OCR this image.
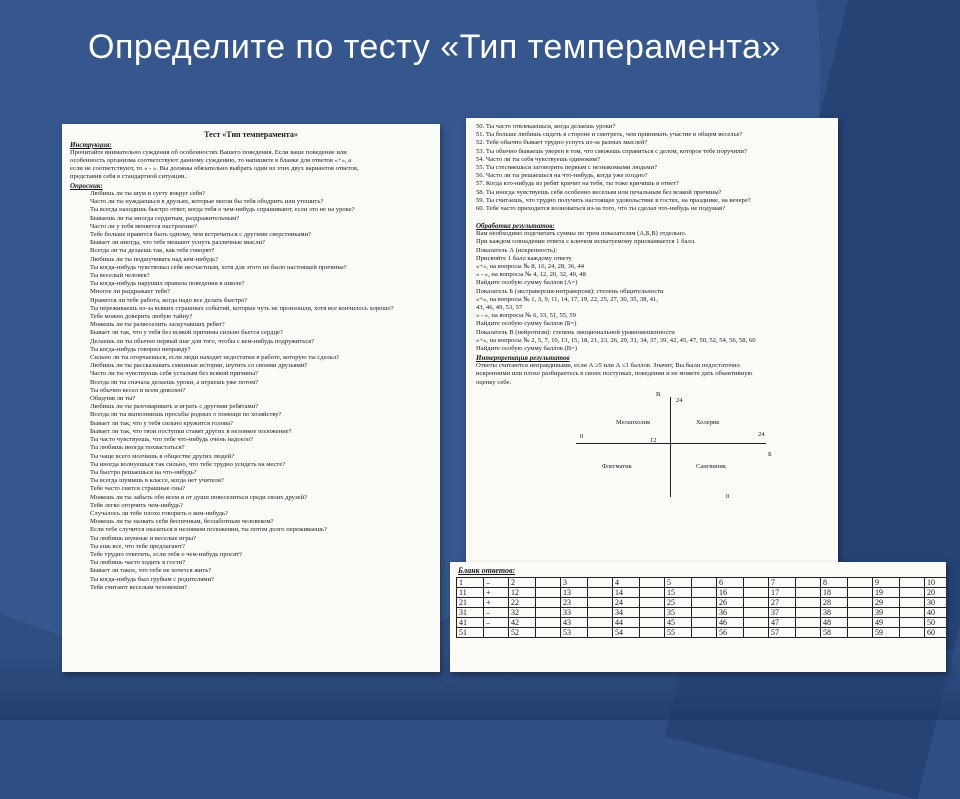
Определите по тесту «Тип темперамента»
Тест «Тип темперамента»
Инструкция:
Прочитайте внимательно суждения об особенностях Вашего поведения. Если ваше поведение или
особенность организма соответствуют данному суждению, то напишите в бланке для ответов «+», а
если не соответствуют, то « - ». Вы должны обязательно выбрать один из этих двух вариантов ответов,
представив себя в стандартной ситуации.
Опросник:
1. Любишь ли ты шум и суету вокруг себя?
2. Часто ли ты нуждаешься в друзьях, которые могли бы тебя ободрить или утешить?
3. Ты всегда находишь быстро ответ, когда тебя о чем-нибудь спрашивают, если это не на уроке?
4. Бываешь ли ты иногда сердитым, раздражительным?
5. Часто ли у тебя меняется настроение?
6. Тебе больше нравится быть одному, чем встречаться с другими сверстниками?
7. Бывает ли иногда, что тебе мешают уснуть различные мысли?
8. Всегда ли ты делаешь так, как тебе говорят?
9. Любишь ли ты подшучивать над кем-нибудь?
10. Ты когда-нибудь чувствовал себя несчастным, хотя для этого не было настоящей причины?
11. Ты веселый человек?
12. Ты когда-нибудь нарушил правила поведения в школе?
13. Многое ли раздражает тебя?
14. Нравится ли тебе работа, когда надо все делать быстро?
15. Ты переживаешь из-за всяких страшных событий, которые чуть не произошли, хотя все кончилось хорошо?
16. Тебе можно доверить любую тайну?
17. Можешь ли ты развеселить заскучавших ребят?
18. Бывает ли так, что у тебя без всякой причины сильно бьется сердце?
19. Делаешь ли ты обычно первый шаг для того, чтобы с кем-нибудь подружиться?
20. Ты когда-нибудь говорил неправду?
21. Сильно ли ты огорчаешься, если люди находят недостатки в работе, которую ты сделал?
22. Любишь ли ты рассказывать смешные истории, шутить со своими друзьями?
23. Часто ли ты чувствуешь себя усталым без всякой причины?
24. Всегда ли ты сначала делаешь уроки, а играешь уже потом?
25. Ты обычно весел и всем доволен?
26. Обидчив ли ты?
27. Любишь ли ты разговаривать и играть с другими ребятами?
28. Всегда ли ты выполняешь просьбы родных о помощи по хозяйству?
29. Бывает ли так, что у тебя сильно кружится голова?
30. Бывает ли так, что твои поступки ставят других в неловкое положение?
31. Ты часто чувствуешь, что тебе что-нибудь очень надоело?
32. Ты любишь иногда похвастаться?
33. Ты чаще всего молчишь в обществе других людей?
34. Ты иногда волнуешься так сильно, что тебе трудно усидеть на месте?
35. Ты быстро решаешься на что-нибудь?
36. Ты всегда шумишь в классе, когда нет учителя?
37. Тебе часто снятся страшные сны?
38. Можешь ли ты забыть обо всем и от души повеселиться среди своих друзей?
39. Тебя легко огорчить чем-нибудь?
40. Случалось ли тебе плохо говорить о ком-нибудь?
41. Можешь ли ты назвать себя беспечным, беззаботным человеком?
42. Если тебе случится оказаться в неловком положении, ты потом долго переживаешь?
43. Ты любишь шумные и веселые игры?
44. Ты ешь все, что тебе предлагают?
45. Тебе трудно ответить, если тебя о чем-нибудь просят?
46. Ты любишь часто ходить в гости?
47. Бывает ли такое, что тебе не хочется жить?
48. Ты когда-нибудь был грубым с родителями?
49. Тебя считают веселым человеком?
50. Ты часто отвлекаешься, когда делаешь уроки?
51. Ты больше любишь сидеть в стороне и смотреть, чем принимать участие в общем веселье?
52. Тебе обычно бывает трудно уснуть из-за разных мыслей?
53. Ты обычно бываешь уверен в том, что сможешь справиться с делом, которое тебе поручили?
54. Часто ли ты себя чувствуешь одиноким?
55. Ты стесняешься заговорить первым с незнакомыми людьми?
56. Часто ли ты решаешься на что-нибудь, когда уже поздно?
57. Когда кто-нибудь из ребят кричит на тебя, ты тоже кричишь в ответ?
58. Ты иногда чувствуешь себя особенно веселым или печальным без всякой причины?
59. Ты считаешь, что трудно получить настоящее удовольствие в гостях, на празднике, на вечере?
60. Тебе часто приходится волноваться из-за того, что ты сделал что-нибудь не подумав?
Обработка результатов:
Вам необходимо подсчитать суммы по трем показателям (А,Б,В) отдельно.
При каждом совпадении ответа с ключом испытуемому присваивается 1 балл.
Показатель А (искренность):
Присвойте 1 балл каждому ответу
«+», на вопросы № 8, 16, 24, 28, 36, 44
« - », на вопросы № 4, 12, 20, 32, 40, 48
Найдите особую сумму баллов (А=)
Показатель Б (экстраверсия-интраверсия): степень общительности
«+», на вопросы № 1, 3, 9, 11, 14, 17, 19, 22, 25, 27, 30, 35, 38, 41,
43, 46, 49, 53, 57
« - », на вопросы № 6, 33, 51, 55, 59
Найдите особую сумму баллов (Б=)
Показатель В (нейротизм): степень эмоциональной уравновешенности
«+», на вопросы № 2, 5, 7, 10, 13, 15, 18, 21, 23, 26, 29, 31, 34, 37, 39, 42, 45, 47, 50, 52, 54, 56, 58, 60
Найдите особую сумму баллов (В=)
Интерпретация результатов
Ответы считаются неправдивыми, если А ≥5 или А ≤1 баллов. Значит, Вы были недостаточно
искренними или плохо разбираетесь в своих поступках, поведении и не можете дать объективную
оценку себе.
В
24
Меланхолик	Холерик
0	24
12
Б
Флегматик	Сангвиник
0
Бланк ответов:
1	–	2		3		4		5		6		7		8		9		10	
11	+	12		13		14		15		16		17		18		19		20	
21	+	22		23		24		25		26		27		28		29		30	
31	–	32		33		34		35		36		37		38		39		40	
41	–	42		43		44		45		46		47		48		49		50	
51		52		53		54		55		56		57		58		59		60	
